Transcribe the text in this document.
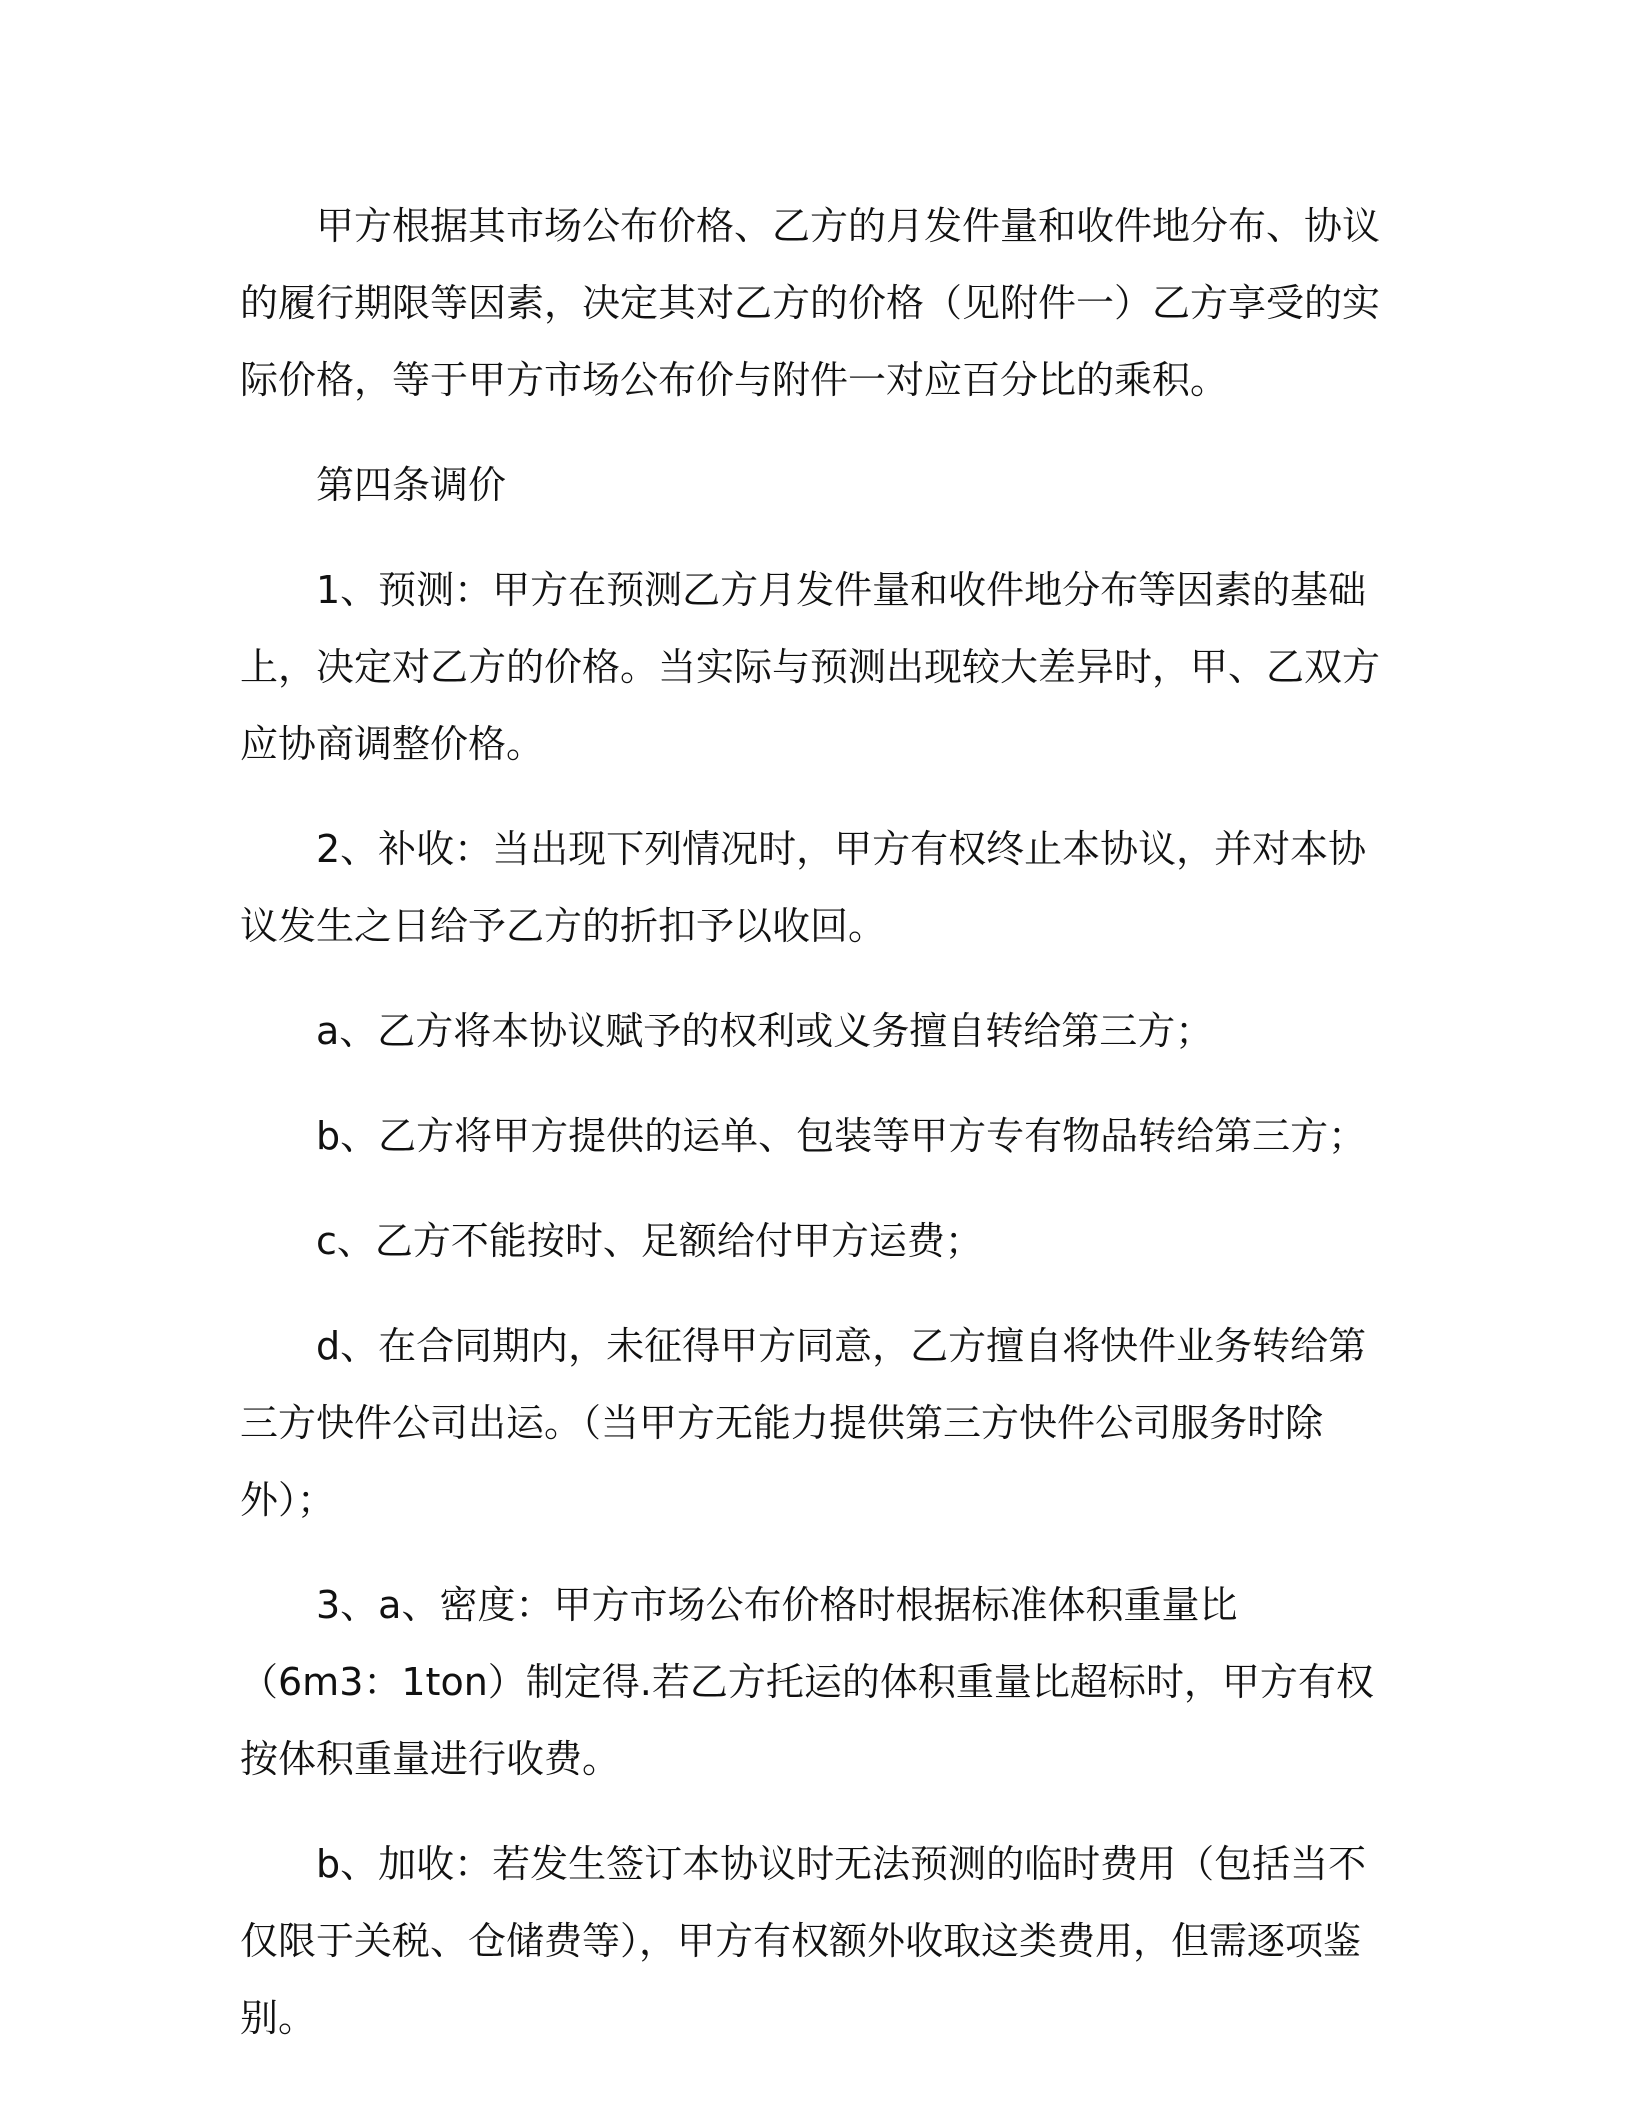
甲方根据其市场公布价格、乙方的月发件量和收件地分布、协议的履行期限等因素，决定其对乙方的价格（见附件一）乙方享受的实际价格，等于甲方市场公布价与附件一对应百分比的乘积。

第四条调价

1、预测：甲方在预测乙方月发件量和收件地分布等因素的基础上，决定对乙方的价格。当实际与预测出现较大差异时，甲、乙双方应协商调整价格。

2、补收：当出现下列情况时，甲方有权终止本协议，并对本协议发生之日给予乙方的折扣予以收回。

a、乙方将本协议赋予的权利或义务擅自转给第三方；

b、乙方将甲方提供的运单、包装等甲方专有物品转给第三方；

c、乙方不能按时、足额给付甲方运费；

d、在合同期内，未征得甲方同意，乙方擅自将快件业务转给第三方快件公司出运。（当甲方无能力提供第三方快件公司服务时除外）；

3、a、密度：甲方市场公布价格时根据标准体积重量比（6m3：1ton）制定得.若乙方托运的体积重量比超标时，甲方有权按体积重量进行收费。

b、加收：若发生签订本协议时无法预测的临时费用（包括当不仅限于关税、仓储费等），甲方有权额外收取这类费用，但需逐项鉴别。
